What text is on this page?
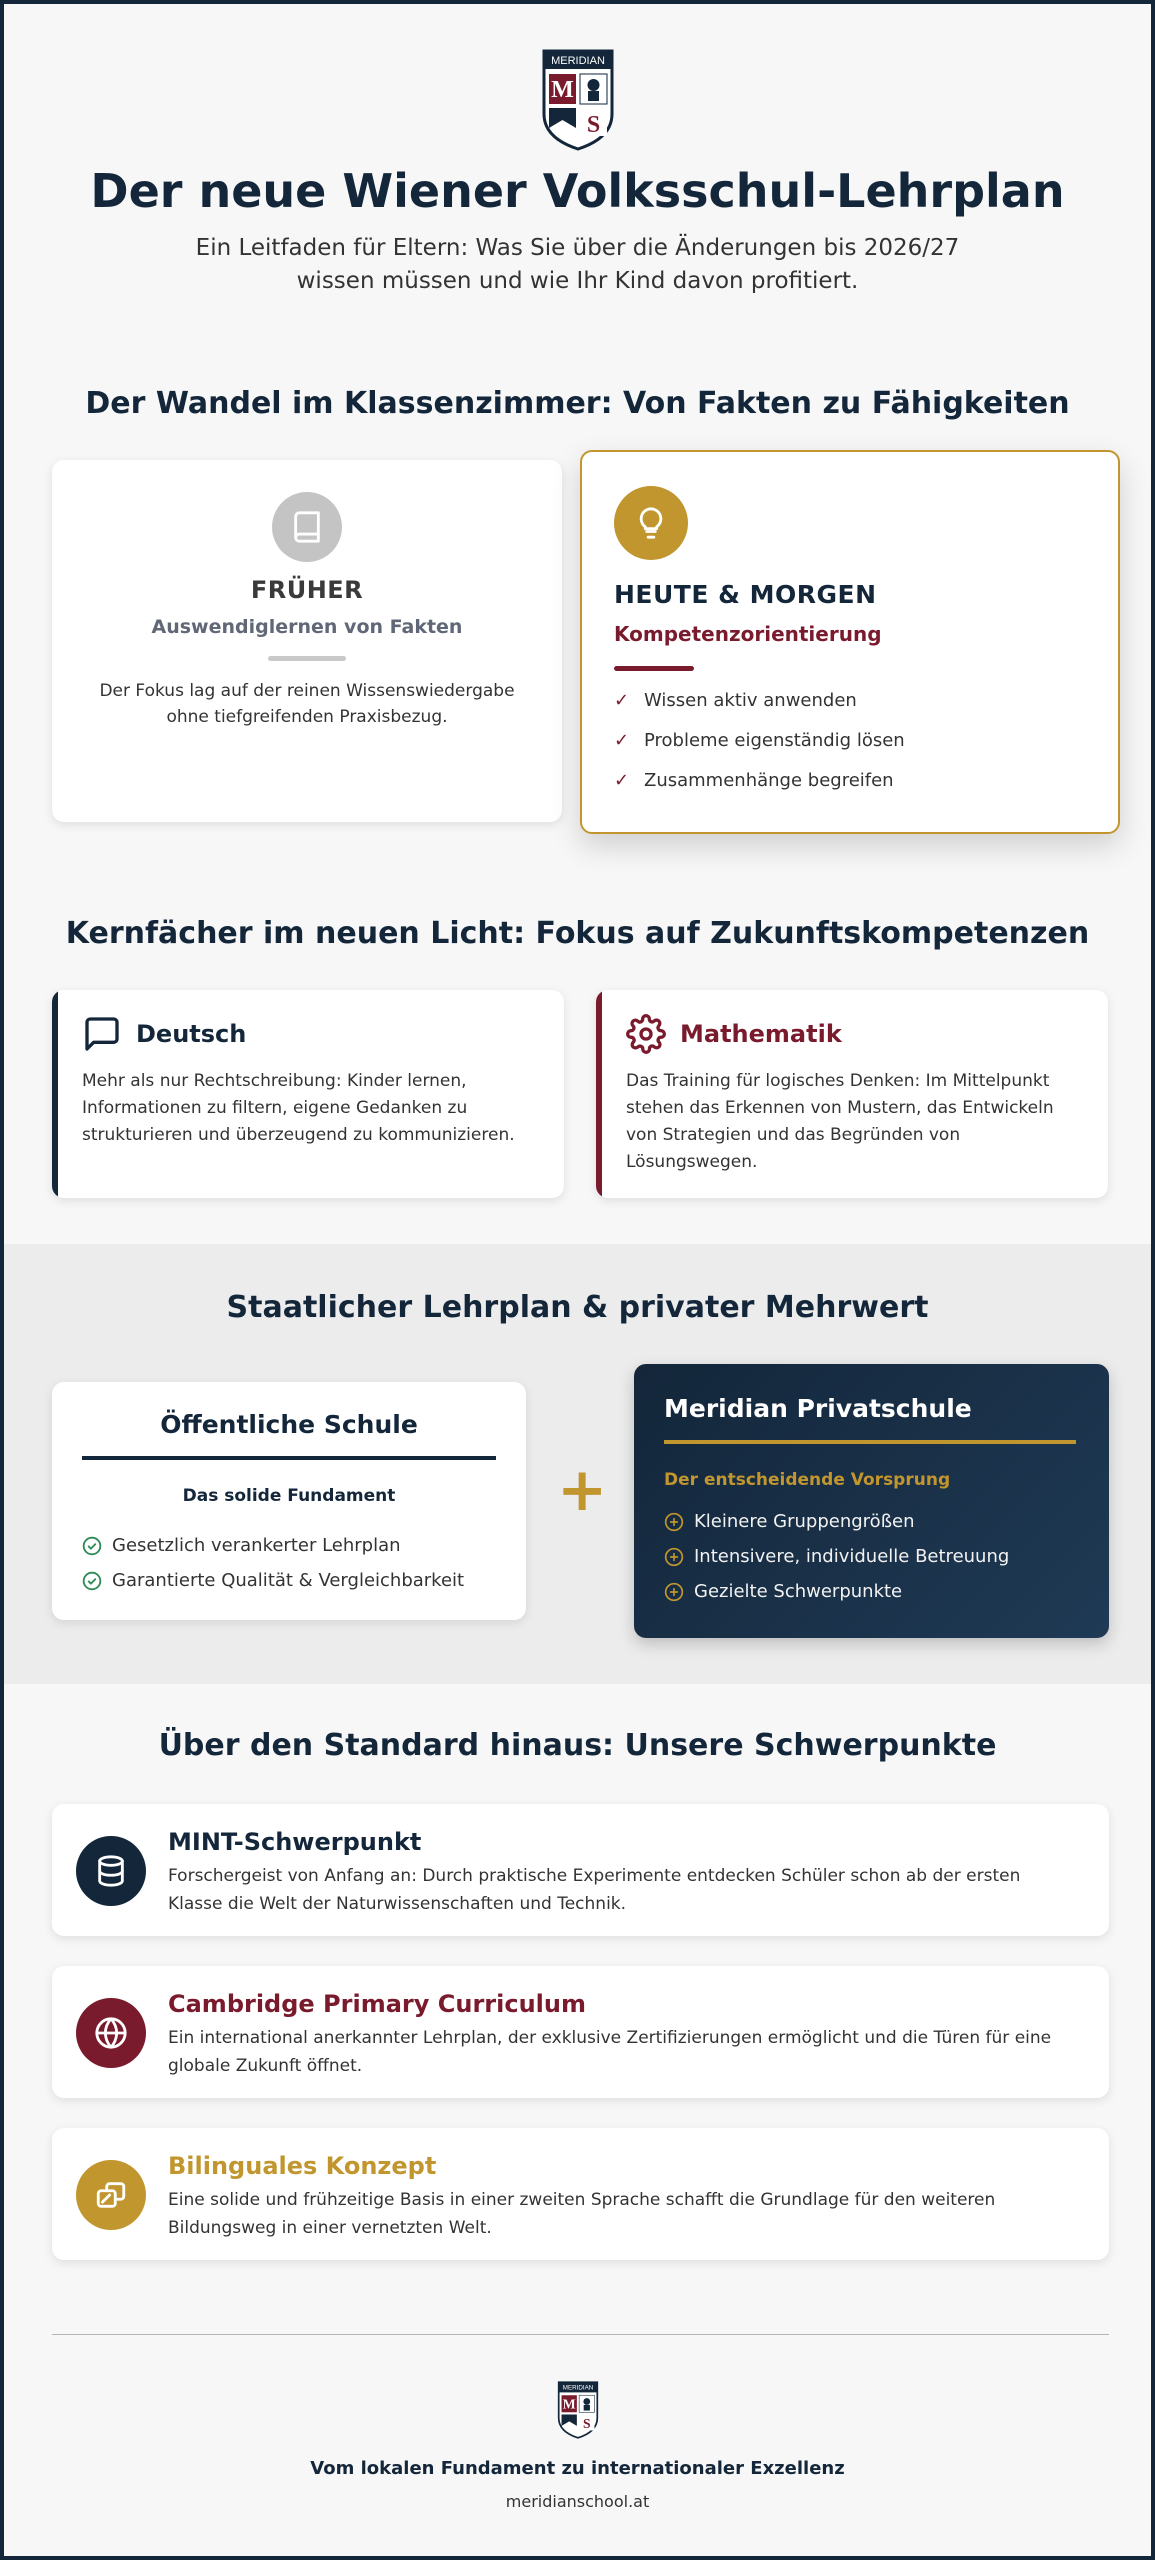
MERIDIAN
M
S
Der neue Wiener Volksschul-Lehrplan

Ein Leitfaden für Eltern: Was Sie über die Änderungen bis 2026/27 wissen müssen und wie Ihr Kind davon profitiert.

Der Wandel im Klassenzimmer: Von Fakten zu Fähigkeiten
FRÜHER
Auswendiglernen von Fakten

Der Fokus lag auf der reinen Wissenswiedergabe ohne tiefgreifenden Praxisbezug.

HEUTE & MORGEN
Kompetenzorientierung
✓ Wissen aktiv anwenden
✓ Probleme eigenständig lösen
✓ Zusammenhänge begreifen
Kernfächer im neuen Licht: Fokus auf Zukunftskompetenzen
Deutsch

Mehr als nur Rechtschreibung: Kinder lernen, Informationen zu filtern, eigene Gedanken zu strukturieren und überzeugend zu kommunizieren.

Mathematik

Das Training für logisches Denken: Im Mittelpunkt stehen das Erkennen von Mustern, das Entwickeln von Strategien und das Begründen von Lösungswegen.

Staatlicher Lehrplan & privater Mehrwert
Öffentliche Schule
Das solide Fundament
Gesetzlich verankerter Lehrplan
Garantierte Qualität & Vergleichbarkeit
+
Meridian Privatschule
Der entscheidende Vorsprung
Kleinere Gruppengrößen
Intensivere, individuelle Betreuung
Gezielte Schwerpunkte
Über den Standard hinaus: Unsere Schwerpunkte
MINT-Schwerpunkt

Forschergeist von Anfang an: Durch praktische Experimente entdecken Schüler schon ab der ersten Klasse die Welt der Naturwissenschaften und Technik.

Cambridge Primary Curriculum

Ein international anerkannter Lehrplan, der exklusive Zertifizierungen ermöglicht und die Türen für eine globale Zukunft öffnet.

Bilinguales Konzept

Eine solide und frühzeitige Basis in einer zweiten Sprache schafft die Grundlage für den weiteren Bildungsweg in einer vernetzten Welt.

MERIDIAN
M
S
Vom lokalen Fundament zu internationaler Exzellenz
meridianschool.at
